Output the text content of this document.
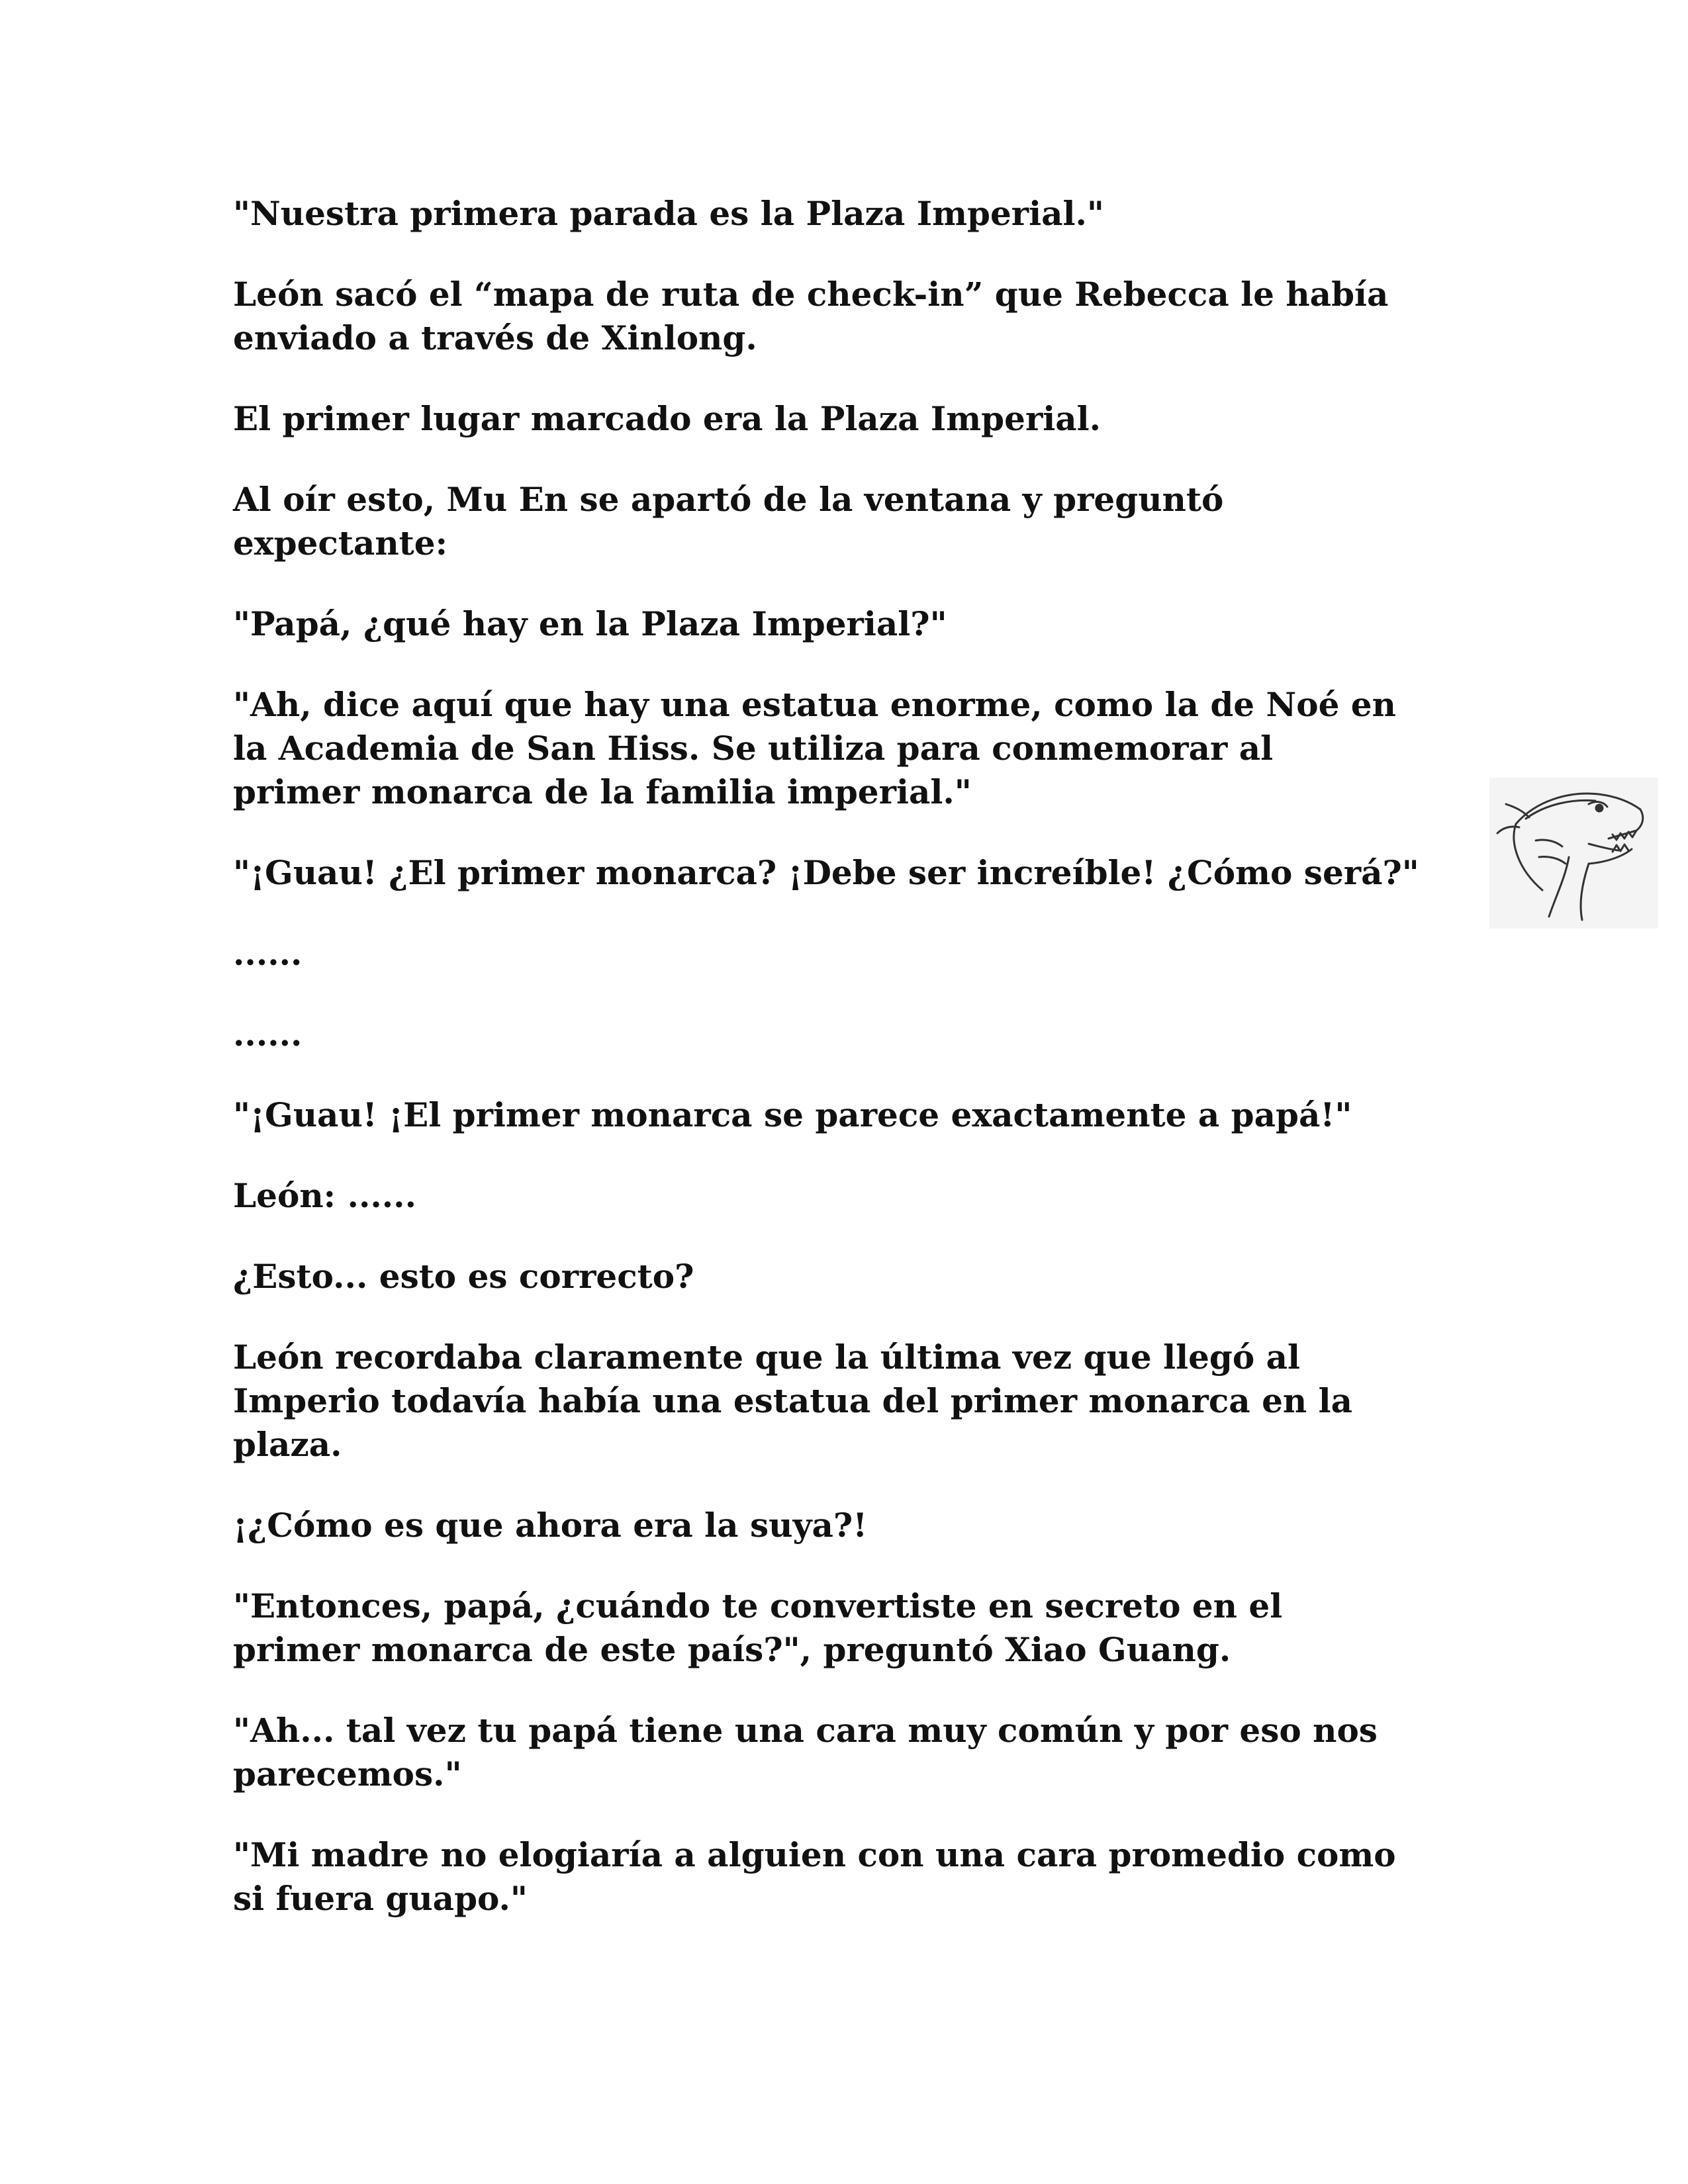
"Nuestra primera parada es la Plaza Imperial."

León sacó el “mapa de ruta de check-in” que Rebecca le había
enviado a través de Xinlong.

El primer lugar marcado era la Plaza Imperial.

Al oír esto, Mu En se apartó de la ventana y preguntó
expectante:

"Papá, ¿qué hay en la Plaza Imperial?"

"Ah, dice aquí que hay una estatua enorme, como la de Noé en
la Academia de San Hiss. Se utiliza para conmemorar al
primer monarca de la familia imperial."

"¡Guau! ¿El primer monarca? ¡Debe ser increíble! ¿Cómo será?"

......

......

"¡Guau! ¡El primer monarca se parece exactamente a papá!"

León: ......

¿Esto... esto es correcto?

León recordaba claramente que la última vez que llegó al
Imperio todavía había una estatua del primer monarca en la
plaza.

¡¿Cómo es que ahora era la suya?!

"Entonces, papá, ¿cuándo te convertiste en secreto en el
primer monarca de este país?", preguntó Xiao Guang.

"Ah... tal vez tu papá tiene una cara muy común y por eso nos
parecemos."

"Mi madre no elogiaría a alguien con una cara promedio como
si fuera guapo."
